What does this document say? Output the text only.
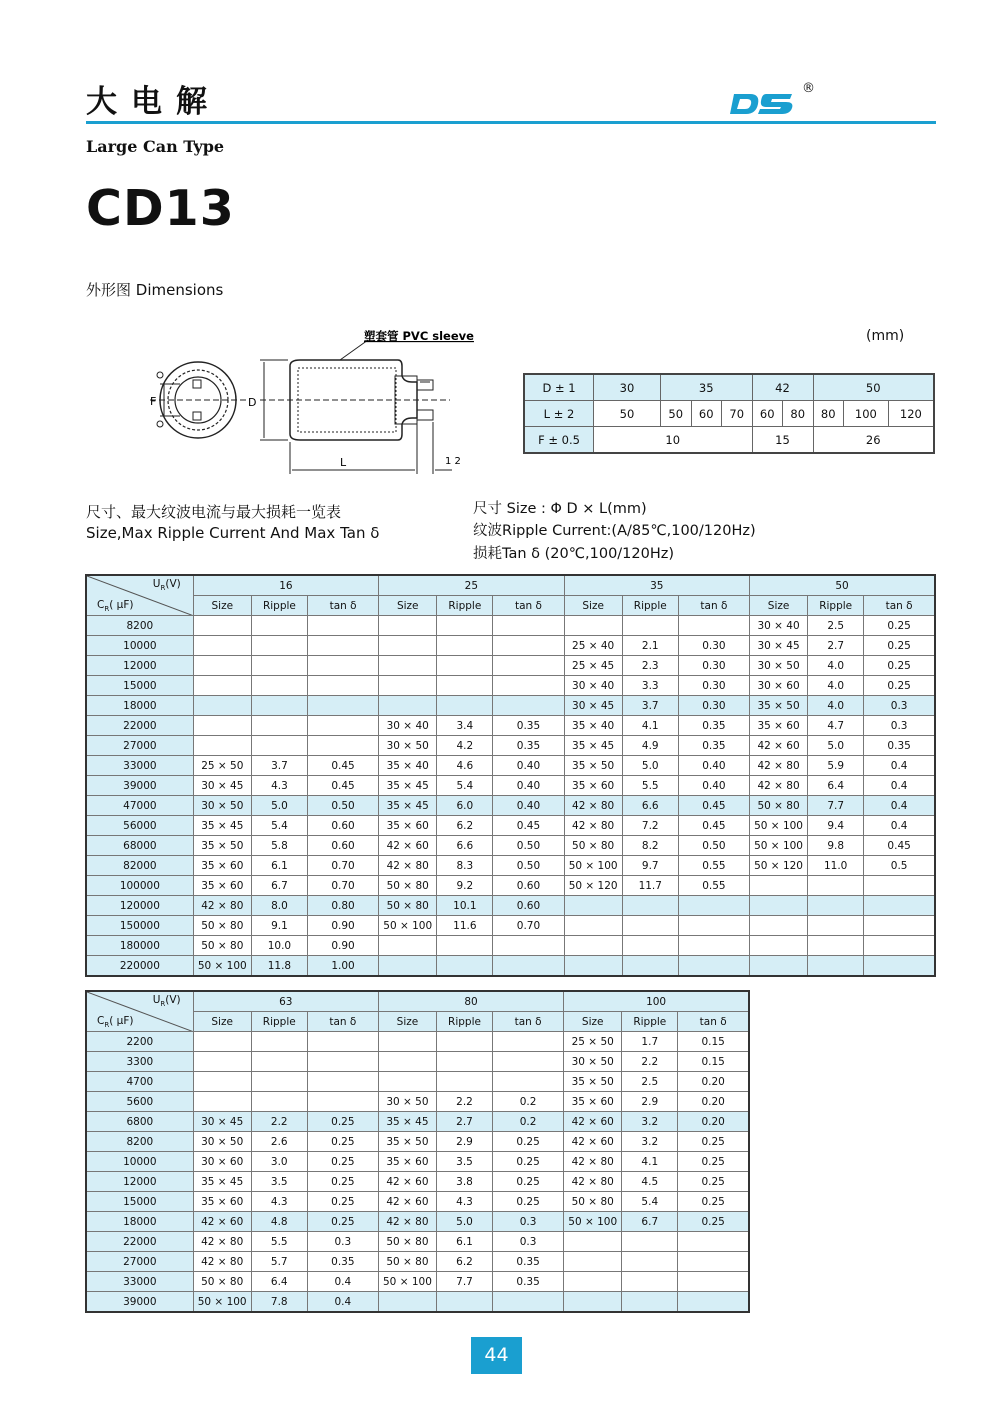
大电解	®
Large Can Type
CD13
外形图 Dimensions
F	D
L	1 2
塑套管 PVC sleeve	(mm)
D ± 1	30	35			42		50		
L ± 2	50	50	60	70	60	80	80	100	120
F ± 0.5	10				15		26		
尺寸、最大纹波电流与最大损耗一览表
Size,Max Ripple Current And Max Tan δ
尺寸 Size : Φ D × L(mm)
纹波Ripple Current:(A/85℃,100/120Hz)
损耗Tan δ (20℃,100/120Hz)
$U_R(V)$
$C_R$( μF)	16			25			35			50		
	Size	Ripple	tan δ	Size	Ripple	tan δ	Size	Ripple	tan δ	Size	Ripple	tan δ
8200										30 × 40	2.5	0.25
10000							25 × 40	2.1	0.30	30 × 45	2.7	0.25
12000							25 × 45	2.3	0.30	30 × 50	4.0	0.25
15000							30 × 40	3.3	0.30	30 × 60	4.0	0.25
18000							30 × 45	3.7	0.30	35 × 50	4.0	0.3
22000				30 × 40	3.4	0.35	35 × 40	4.1	0.35	35 × 60	4.7	0.3
27000				30 × 50	4.2	0.35	35 × 45	4.9	0.35	42 × 60	5.0	0.35
33000	25 × 50	3.7	0.45	35 × 40	4.6	0.40	35 × 50	5.0	0.40	42 × 80	5.9	0.4
39000	30 × 45	4.3	0.45	35 × 45	5.4	0.40	35 × 60	5.5	0.40	42 × 80	6.4	0.4
47000	30 × 50	5.0	0.50	35 × 45	6.0	0.40	42 × 80	6.6	0.45	50 × 80	7.7	0.4
56000	35 × 45	5.4	0.60	35 × 60	6.2	0.45	42 × 80	7.2	0.45	50 × 100	9.4	0.4
68000	35 × 50	5.8	0.60	42 × 60	6.6	0.50	50 × 80	8.2	0.50	50 × 100	9.8	0.45
82000	35 × 60	6.1	0.70	42 × 80	8.3	0.50	50 × 100	9.7	0.55	50 × 120	11.0	0.5
100000	35 × 60	6.7	0.70	50 × 80	9.2	0.60	50 × 120	11.7	0.55			
120000	42 × 80	8.0	0.80	50 × 80	10.1	0.60						
150000	50 × 80	9.1	0.90	50 × 100	11.6	0.70						
180000	50 × 80	10.0	0.90									
220000	50 × 100	11.8	1.00									
$U_R(V)$
$C_R$( μF)	63			80			100		
	Size	Ripple	tan δ	Size	Ripple	tan δ	Size	Ripple	tan δ
2200							25 × 50	1.7	0.15
3300							30 × 50	2.2	0.15
4700							35 × 50	2.5	0.20
5600				30 × 50	2.2	0.2	35 × 60	2.9	0.20
6800	30 × 45	2.2	0.25	35 × 45	2.7	0.2	42 × 60	3.2	0.20
8200	30 × 50	2.6	0.25	35 × 50	2.9	0.25	42 × 60	3.2	0.25
10000	30 × 60	3.0	0.25	35 × 60	3.5	0.25	42 × 80	4.1	0.25
12000	35 × 45	3.5	0.25	42 × 60	3.8	0.25	42 × 80	4.5	0.25
15000	35 × 60	4.3	0.25	42 × 60	4.3	0.25	50 × 80	5.4	0.25
18000	42 × 60	4.8	0.25	42 × 80	5.0	0.3	50 × 100	6.7	0.25
22000	42 × 80	5.5	0.3	50 × 80	6.1	0.3			
27000	42 × 80	5.7	0.35	50 × 80	6.2	0.35			
33000	50 × 80	6.4	0.4	50 × 100	7.7	0.35			
39000	50 × 100	7.8	0.4						
44
